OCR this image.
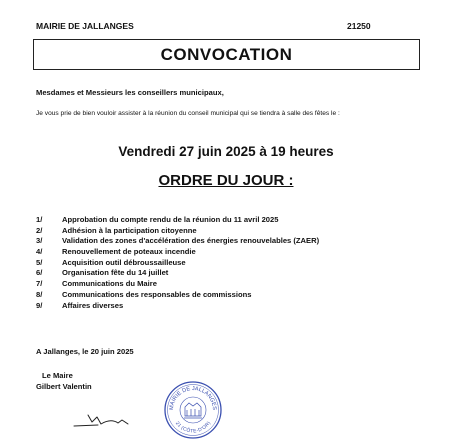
MAIRIE DE JALLANGES	21250
CONVOCATION
Mesdames et Messieurs les conseillers municipaux,
Je vous prie de bien vouloir assister à la réunion du conseil municipal qui se tiendra à salle des fêtes le :
Vendredi 27 juin 2025 à 19 heures
ORDRE DU JOUR :
1/	Approbation du compte rendu de la réunion du 11 avril 2025
2/	Adhésion à la participation citoyenne
3/	Validation des zones d'accélération des énergies renouvelables (ZAER)
4/	Renouvellement de poteaux incendie
5/	Acquisition outil débroussailleuse
6/	Organisation fête du 14 juillet
7/	Communications du Maire
8/	Communications des responsables de commissions
9/	Affaires diverses
A Jallanges, le 20 juin 2025
Le Maire
Gilbert Valentin
MAIRIE DE JALLANGES
21 (CÔTE-D'OR)
